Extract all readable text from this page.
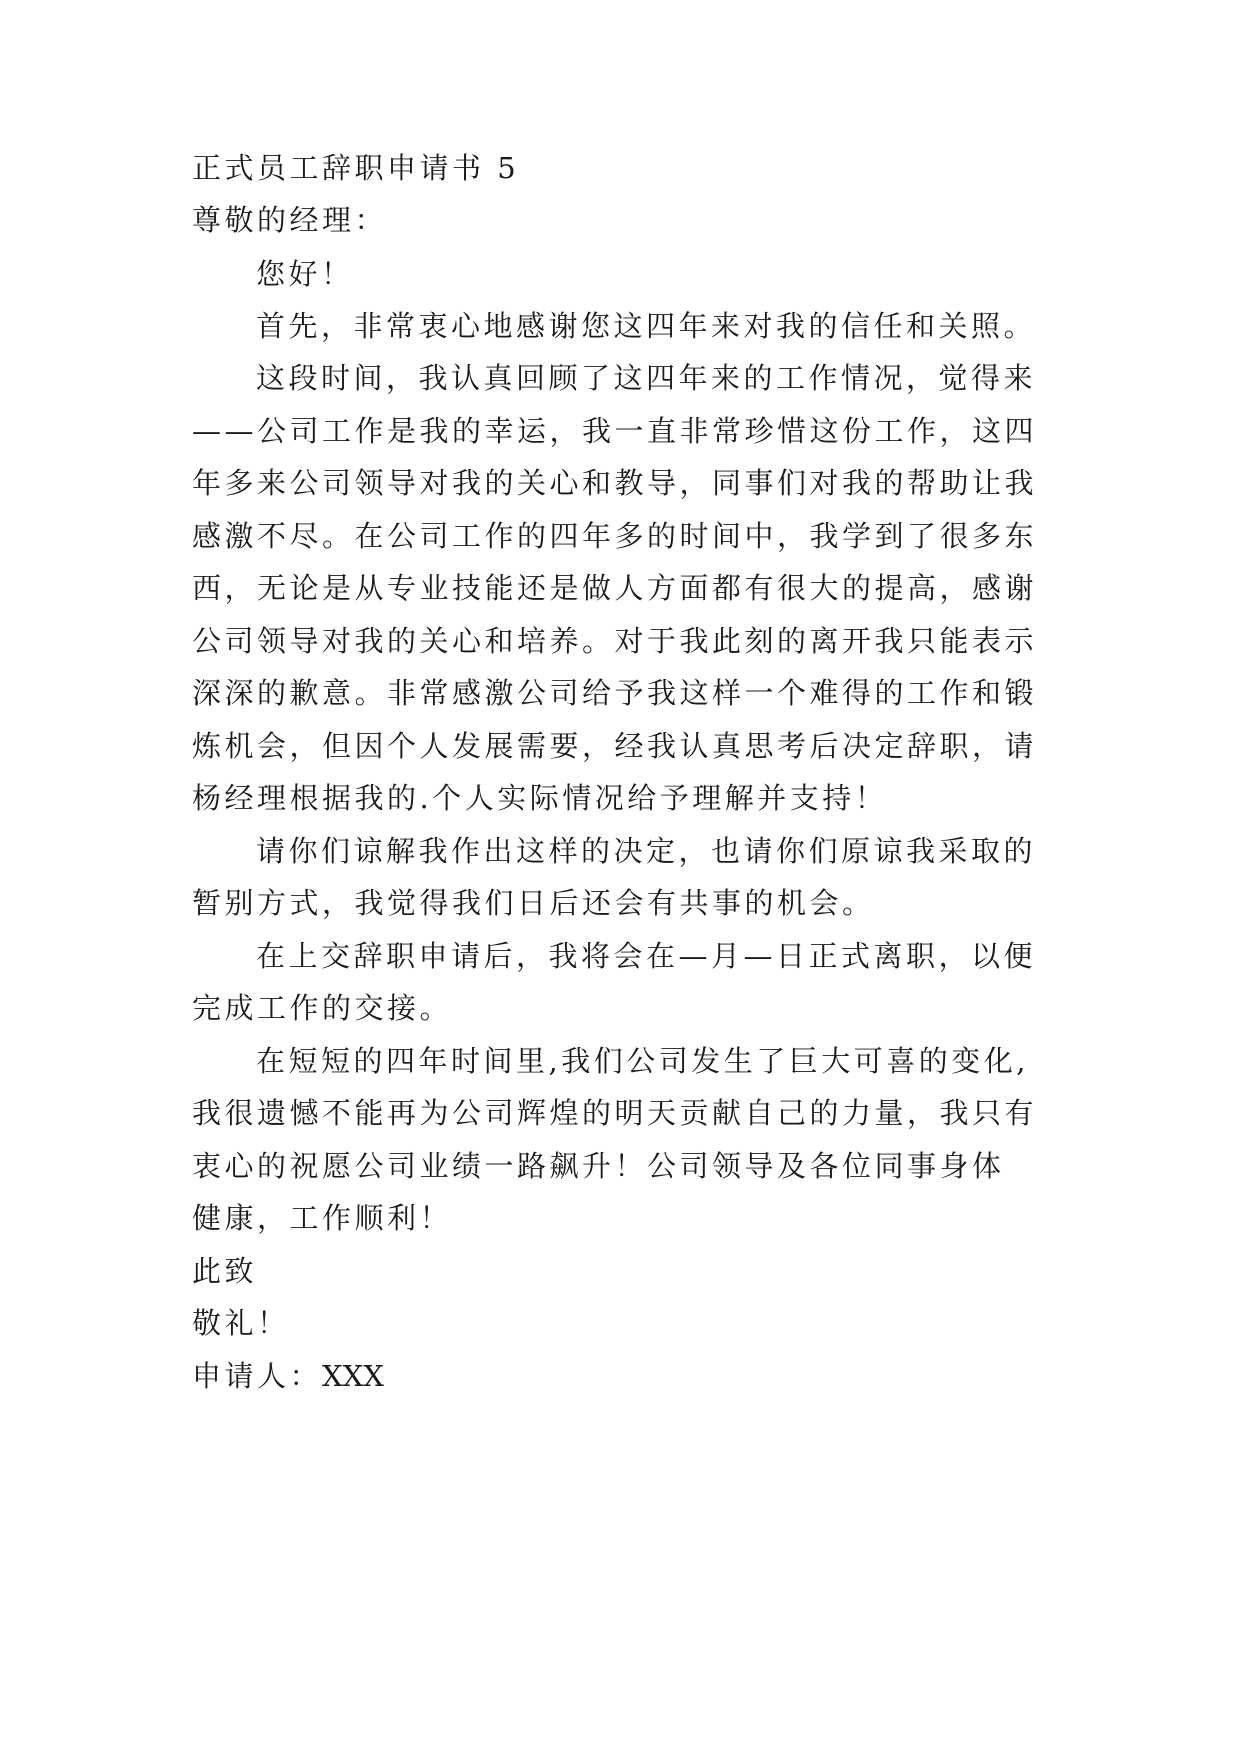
正式员工辞职申请书 5
尊敬的经理：
您好！
首先，非常衷心地感谢您这四年来对我的信任和关照。
这段时间，我认真回顾了这四年来的工作情况，觉得来
——公司工作是我的幸运，我一直非常珍惜这份工作，这四
年多来公司领导对我的关心和教导，同事们对我的帮助让我
感激不尽。在公司工作的四年多的时间中，我学到了很多东
西，无论是从专业技能还是做人方面都有很大的提高，感谢
公司领导对我的关心和培养。对于我此刻的离开我只能表示
深深的歉意。非常感激公司给予我这样一个难得的工作和锻
炼机会，但因个人发展需要，经我认真思考后决定辞职，请
杨经理根据我的.个人实际情况给予理解并支持！
请你们谅解我作出这样的决定，也请你们原谅我采取的
暂别方式，我觉得我们日后还会有共事的机会。
在上交辞职申请后，我将会在—月—日正式离职，以便
完成工作的交接。
在短短的四年时间里,我们公司发生了巨大可喜的变化,
我很遗憾不能再为公司辉煌的明天贡献自己的力量，我只有
衷心的祝愿公司业绩一路飙升！公司领导及各位同事身体
健康，工作顺利！
此致
敬礼！
申请人：XXX
